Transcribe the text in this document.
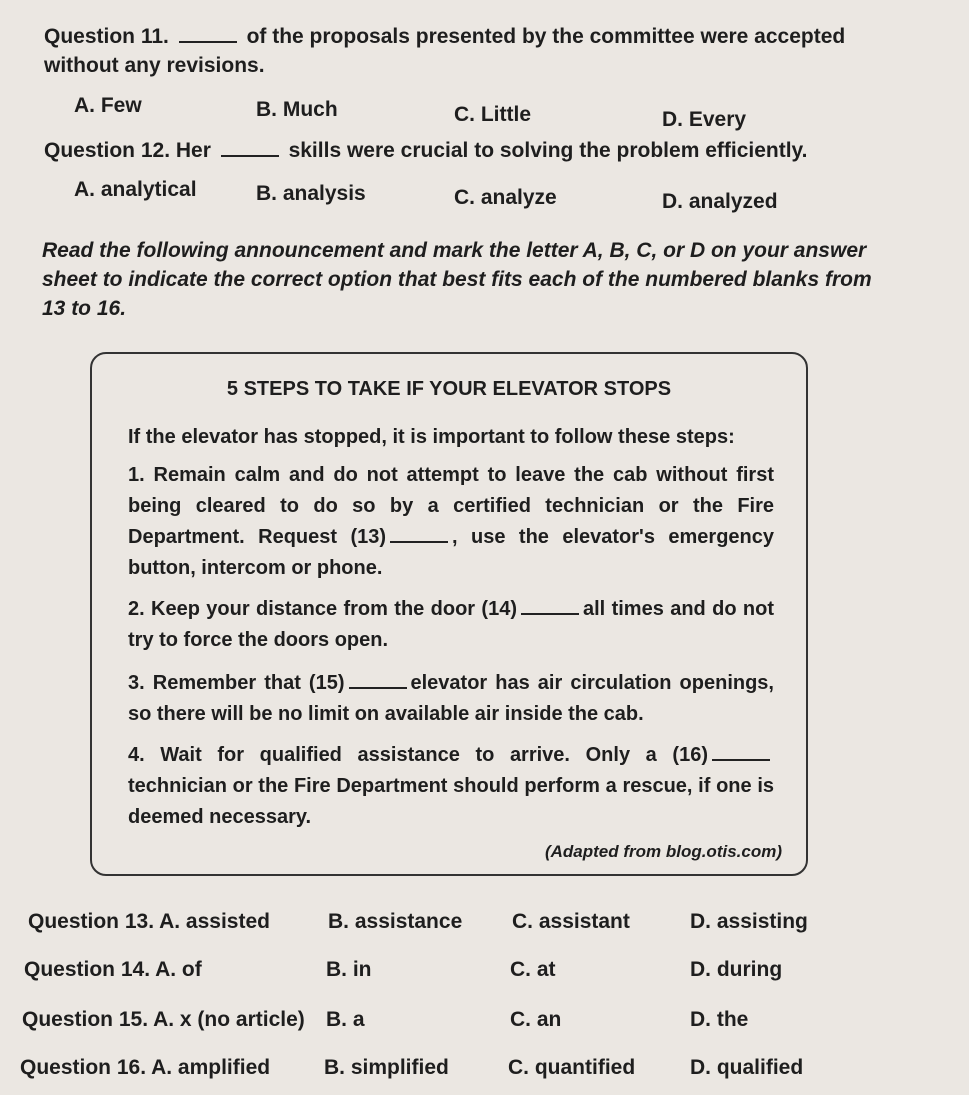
Question 11.	of the proposals presented by the committee were accepted
without any revisions.
A. Few	B. Much	C. Little	D. Every
Question 12. Her	skills were crucial to solving the problem efficiently.
A. analytical	B. analysis	C. analyze	D. analyzed
Read the following announcement and mark the letter A, B, C, or D on your answer sheet to indicate the correct option that best fits each of the numbered blanks from 13 to 16.
5 STEPS TO TAKE IF YOUR ELEVATOR STOPS
If the elevator has stopped, it is important to follow these steps:
1. Remain calm and do not attempt to leave the cab without first being cleared to do so by a certified technician or the Fire Department. Request (13)	, use the elevator's emergency button, intercom or phone.
2. Keep your distance from the door (14)	all times and do not try to force the doors open.
3. Remember that (15)	elevator has air circulation openings, so there will be no limit on available air inside the cab.
4. Wait for qualified assistance to arrive. Only a (16)technician or the Fire Department should perform a rescue, if one is deemed necessary.
(Adapted from blog.otis.com)
Question 13. A. assisted	B. assistance C. assistant	D. assisting
Question 14. A. of	B. in	C. at	D. during
Question 15. A. x (no article) B. a	C. an	D. the
Question 16. A. amplified	B. simplified	C. quantified	D. qualified
